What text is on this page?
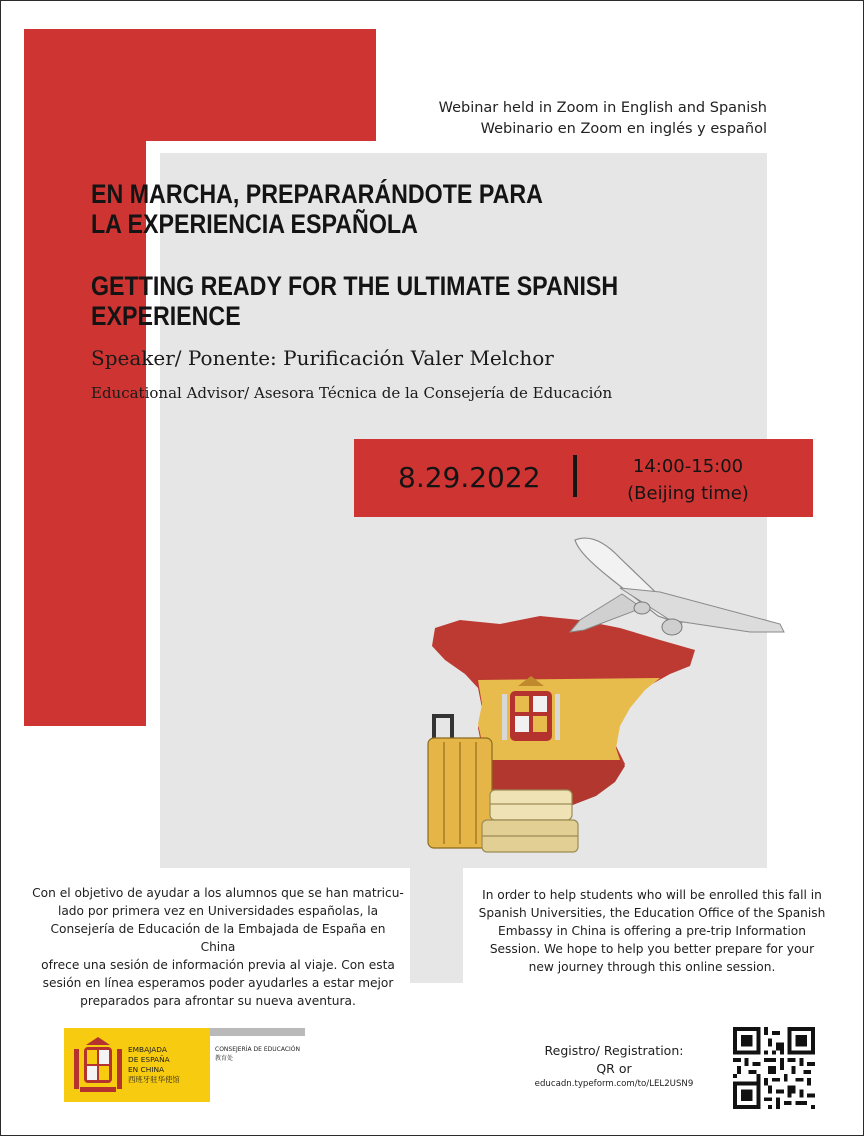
Webinar held in Zoom in English and Spanish
Webinario en Zoom en inglés y español
EN MARCHA, PREPARARÁNDOTE PARA
LA EXPERIENCIA ESPAÑOLA
GETTING READY FOR THE ULTIMATE SPANISH
EXPERIENCE
Speaker/ Ponente: Purificación Valer Melchor
Educational Advisor/ Asesora Técnica de la Consejería de Educación
8.29.2022	14:00-15:00
(Beijing time)
Con el objetivo de ayudar a los alumnos que se han matricu-
lado por primera vez en Universidades españolas, la
Consejería de Educación de la Embajada de España en China
ofrece una sesión de información previa al viaje. Con esta
sesión en línea esperamos poder ayudarles a estar mejor
preparados para afrontar su nueva aventura.
In order to help students who will be enrolled this fall in
Spanish Universities, the Education Office of the Spanish
Embassy in China is offering a pre-trip Information
Session. We hope to help you better prepare for your
new journey through this online session.
EMBAJADA
DE ESPAÑA
EN CHINA
西班牙驻华使馆
CONSEJERÍA DE EDUCACIÓN
教育处
Registro/ Registration:
QR or
educadn.typeform.com/to/LEL2USN9
